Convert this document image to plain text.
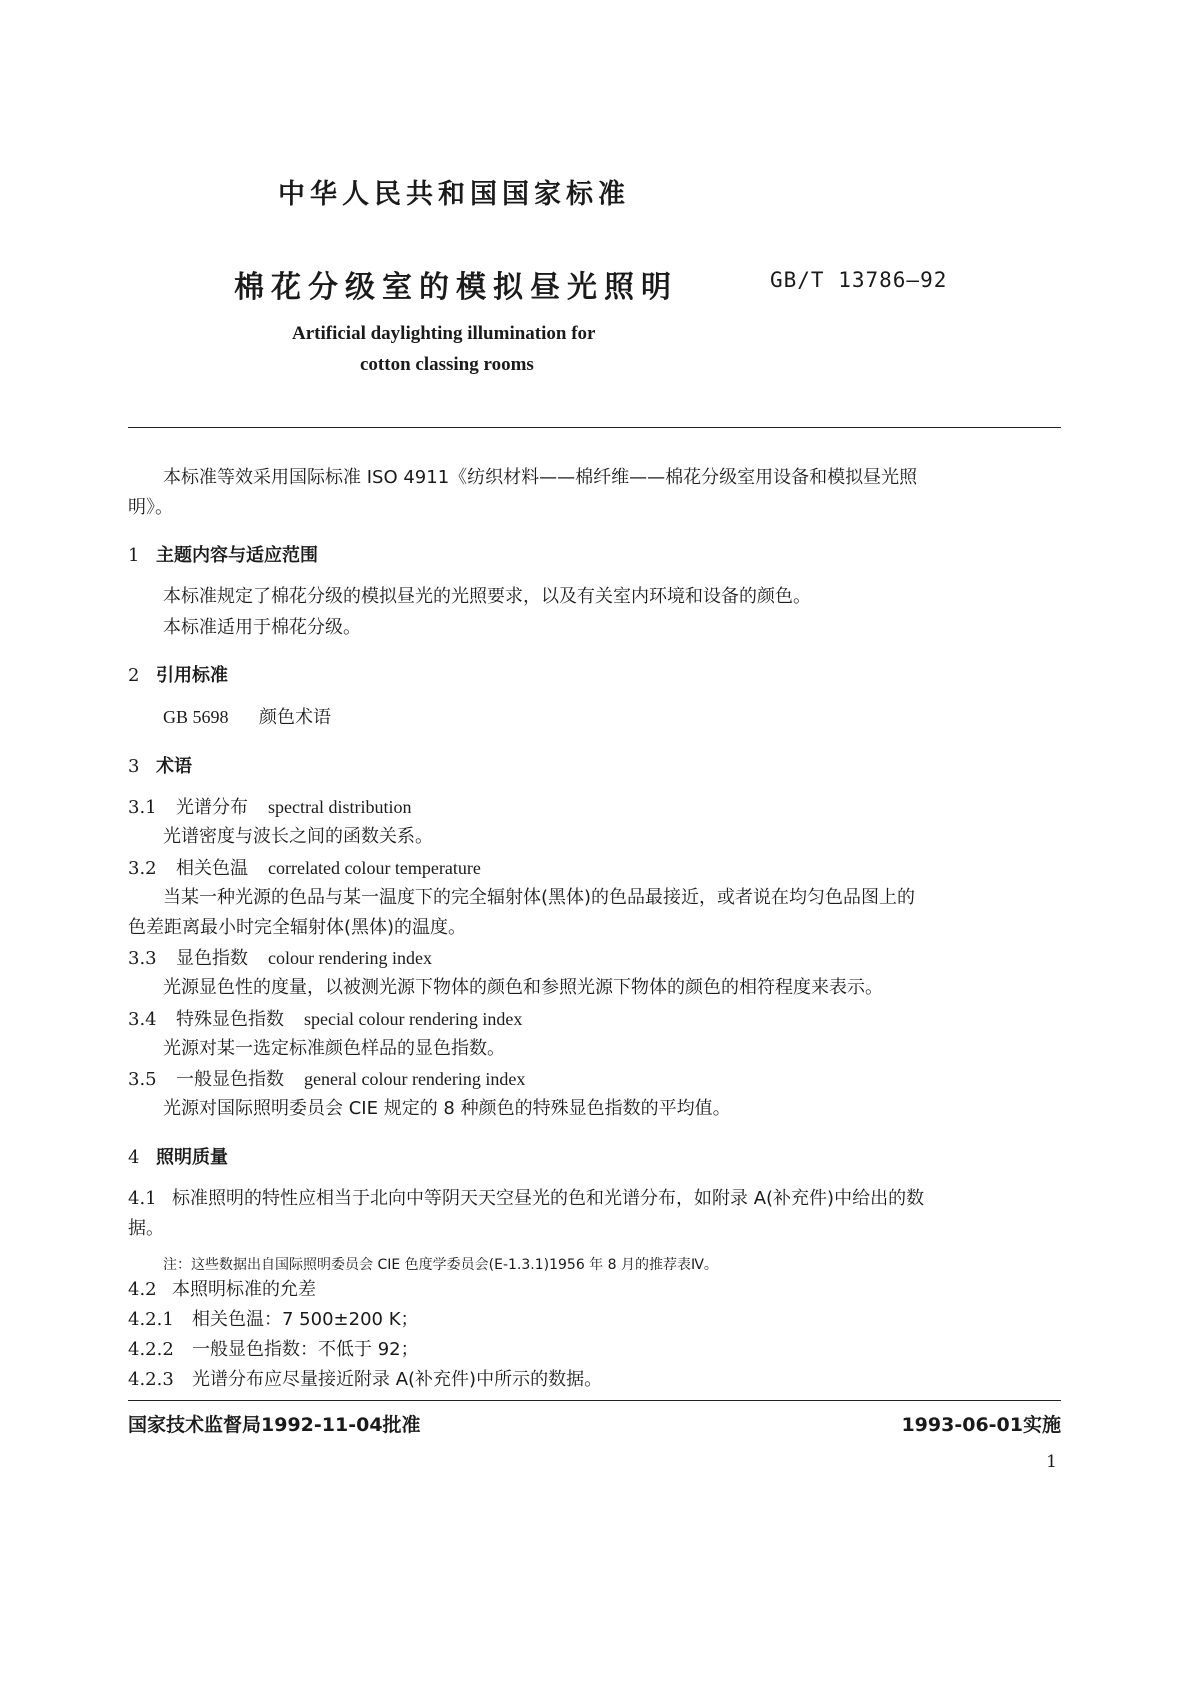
中华人民共和国国家标准
棉花分级室的模拟昼光照明	GB/T 13786—92
Artificial daylighting illumination for
cotton classing rooms
本标准等效采用国际标准 ISO 4911《纺织材料——棉纤维——棉花分级室用设备和模拟昼光照
明》。
1 主题内容与适应范围
本标准规定了棉花分级的模拟昼光的光照要求，以及有关室内环境和设备的颜色。
本标准适用于棉花分级。
2 引用标准
GB 5698 颜色术语
3 术语
3.1 光谱分布 spectral distribution
光谱密度与波长之间的函数关系。
3.2 相关色温 correlated colour temperature
当某一种光源的色品与某一温度下的完全辐射体(黑体)的色品最接近，或者说在均匀色品图上的
色差距离最小时完全辐射体(黑体)的温度。
3.3 显色指数 colour rendering index
光源显色性的度量，以被测光源下物体的颜色和参照光源下物体的颜色的相符程度来表示。
3.4 特殊显色指数 special colour rendering index
光源对某一选定标准颜色样品的显色指数。
3.5 一般显色指数 general colour rendering index
光源对国际照明委员会 CIE 规定的 8 种颜色的特殊显色指数的平均值。
4 照明质量
4.1 标准照明的特性应相当于北向中等阴天天空昼光的色和光谱分布，如附录 A(补充件)中给出的数
据。
注：这些数据出自国际照明委员会 CIE 色度学委员会(E-1.3.1)1956 年 8 月的推荐表Ⅳ。
4.2 本照明标准的允差
4.2.1 相关色温：7 500±200 K；
4.2.2 一般显色指数：不低于 92；
4.2.3 光谱分布应尽量接近附录 A(补充件)中所示的数据。
国家技术监督局1992-11-04批准	1993-06-01实施
1
